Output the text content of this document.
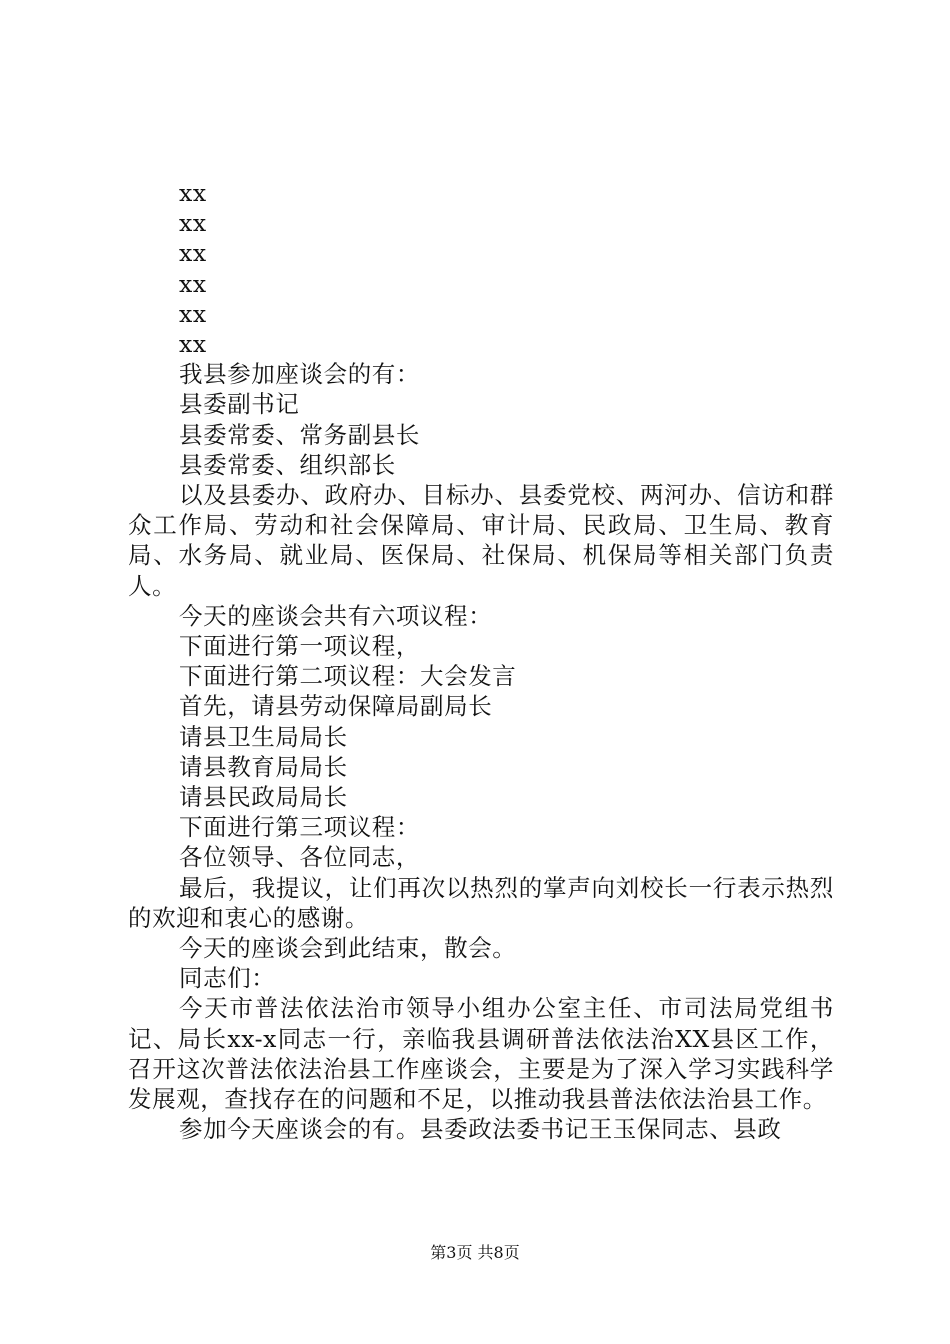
xx

xx

xx

xx

xx

xx

我县参加座谈会的有：

县委副书记

县委常委、常务副县长

县委常委、组织部长

以及县委办、政府办、目标办、县委党校、两河办、信访和群众工作局、劳动和社会保障局、审计局、民政局、卫生局、教育局、水务局、就业局、医保局、社保局、机保局等相关部门负责人。

今天的座谈会共有六项议程：

下面进行第一项议程，

下面进行第二项议程：大会发言

首先，请县劳动保障局副局长

请县卫生局局长

请县教育局局长

请县民政局局长

下面进行第三项议程：

各位领导、各位同志，

最后，我提议，让们再次以热烈的掌声向刘校长一行表示热烈的欢迎和衷心的感谢。

今天的座谈会到此结束，散会。

同志们：

今天市普法依法治市领导小组办公室主任、市司法局党组书记、局长xx-x同志一行，亲临我县调研普法依法治XX县区工作，召开这次普法依法治县工作座谈会，主要是为了深入学习实践科学发展观，查找存在的问题和不足，以推动我县普法依法治县工作。

参加今天座谈会的有。县委政法委书记王玉保同志、县政

第3页 共8页
